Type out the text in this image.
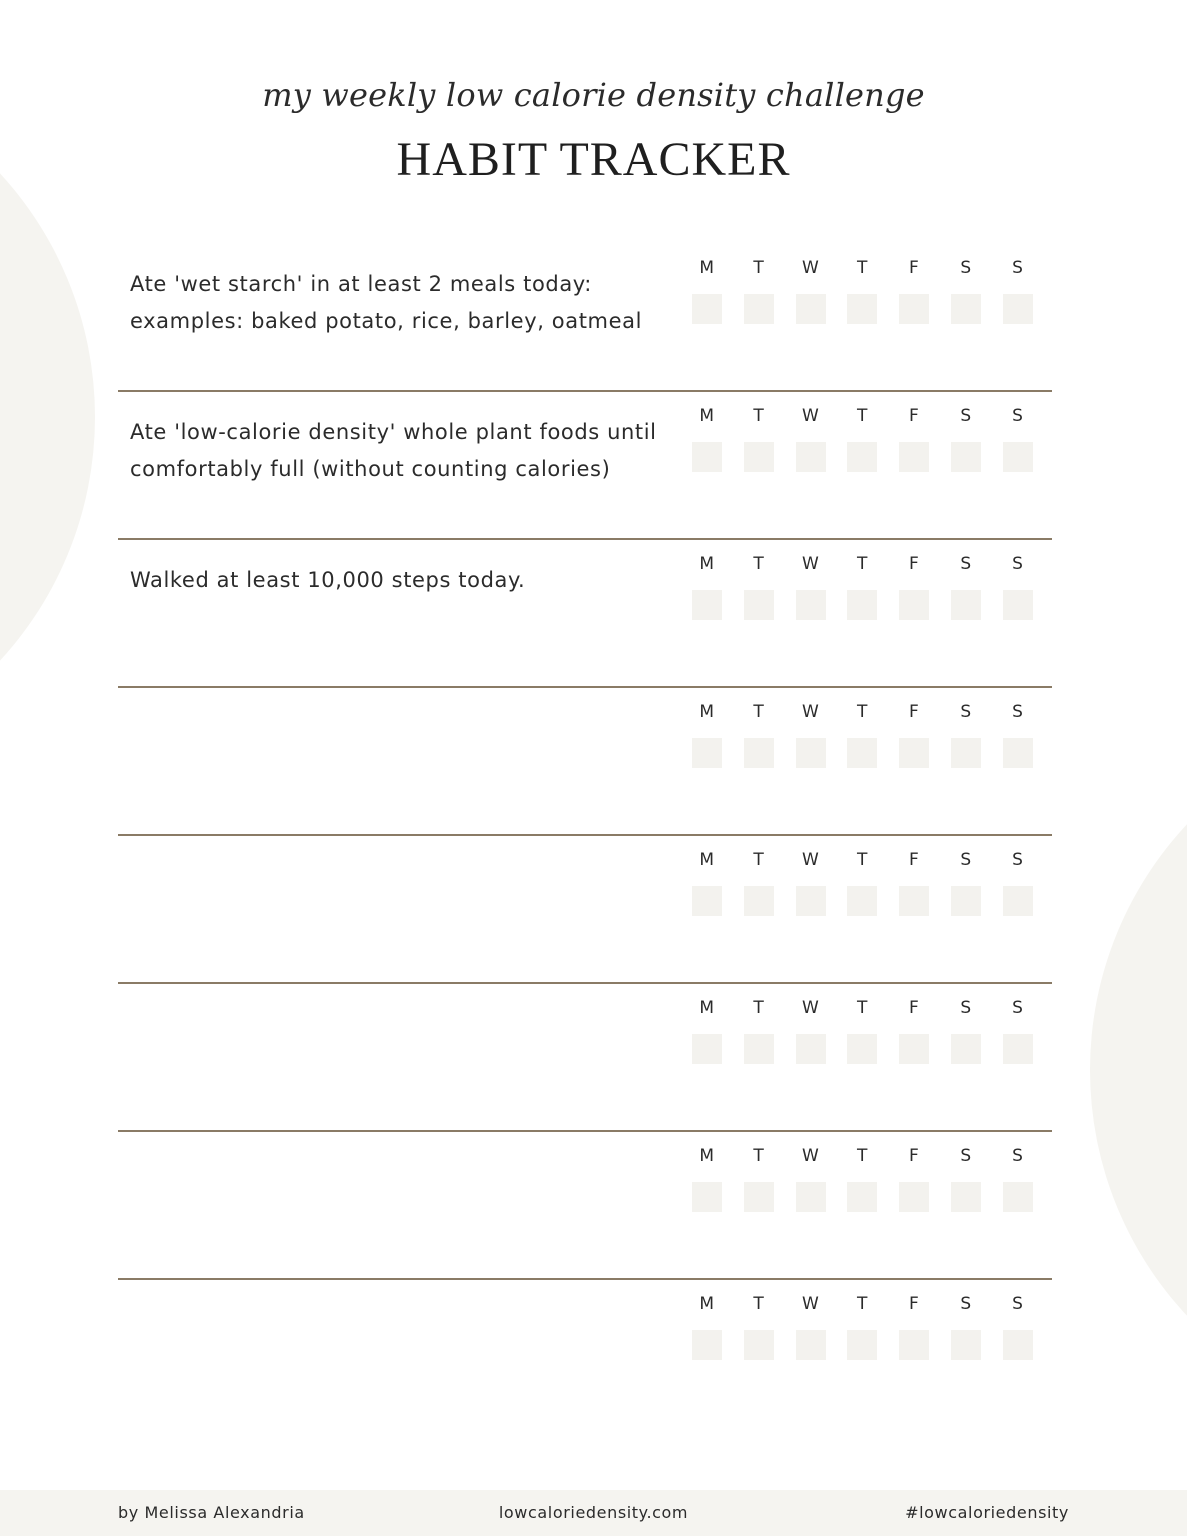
my weekly low calorie density challenge
HABIT TRACKER
Ate 'wet starch' in at least 2 meals today:
examples: baked potato, rice, barley, oatmeal
M	T	W	T	F	S	S
Ate 'low-calorie density' whole plant foods until
comfortably full (without counting calories)
M	T	W	T	F	S	S
Walked at least 10,000 steps today.
M	T	W	T	F	S	S
M	T	W	T	F	S	S
M	T	W	T	F	S	S
M	T	W	T	F	S	S
M	T	W	T	F	S	S
M	T	W	T	F	S	S
by Melissa Alexandria	lowcaloriedensity.com	#lowcaloriedensity
